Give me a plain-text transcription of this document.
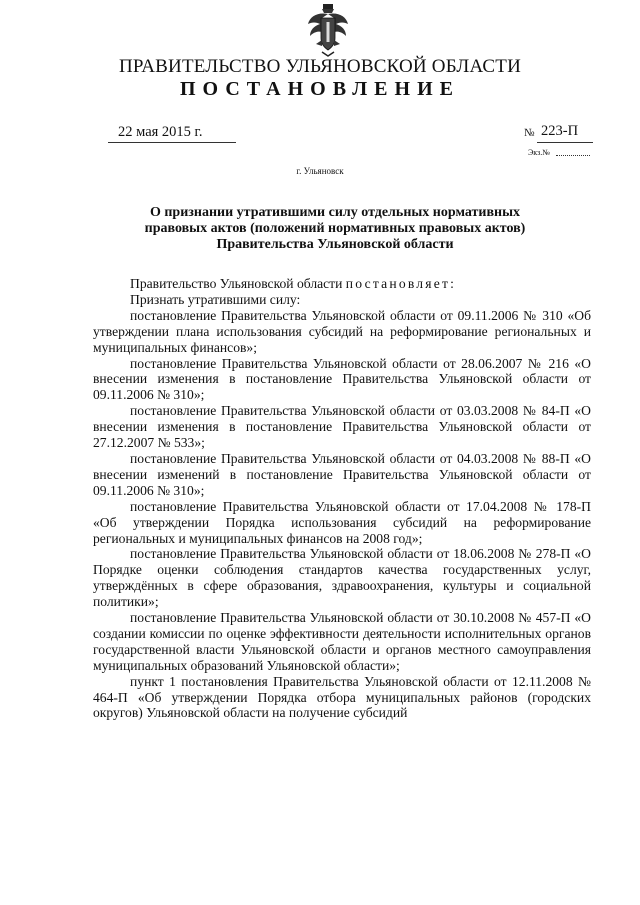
ПРАВИТЕЛЬСТВО УЛЬЯНОВСКОЙ ОБЛАСТИ
ПОСТАНОВЛЕНИЕ
22 мая 2015 г.	№ 223-П
Экз.№
г. Ульяновск
О признании утратившими силу отдельных нормативных
правовых актов (положений нормативных правовых актов)
Правительства Ульяновской области

Правительство Ульяновской области постановляет:

Признать утратившими силу:

постановление Правительства Ульяновской области от 09.11.2006 № 310 «Об утверждении плана использования субсидий на реформирование региональных и муниципальных финансов»;

постановление Правительства Ульяновской области от 28.06.2007 № 216 «О внесении изменения в постановление Правительства Ульяновской области от 09.11.2006 № 310»;

постановление Правительства Ульяновской области от 03.03.2008 № 84-П «О внесении изменения в постановление Правительства Ульяновской области от 27.12.2007 № 533»;

постановление Правительства Ульяновской области от 04.03.2008 № 88-П «О внесении изменений в постановление Правительства Ульяновской области от 09.11.2006 № 310»;

постановление Правительства Ульяновской области от 17.04.2008 № 178-П «Об утверждении Порядка использования субсидий на реформирование региональных и муниципальных финансов на 2008 год»;

постановление Правительства Ульяновской области от 18.06.2008 № 278-П «О Порядке оценки соблюдения стандартов качества государственных услуг, утверждённых в сфере образования, здравоохранения, культуры и социальной политики»;

постановление Правительства Ульяновской области от 30.10.2008 № 457-П «О создании комиссии по оценке эффективности деятельности исполнительных органов государственной власти Ульяновской области и органов местного самоуправления муниципальных образований Ульяновской области»;

пункт 1 постановления Правительства Ульяновской области от 12.11.2008 № 464-П «Об утверждении Порядка отбора муниципальных районов (городских округов) Ульяновской области на получение субсидий
